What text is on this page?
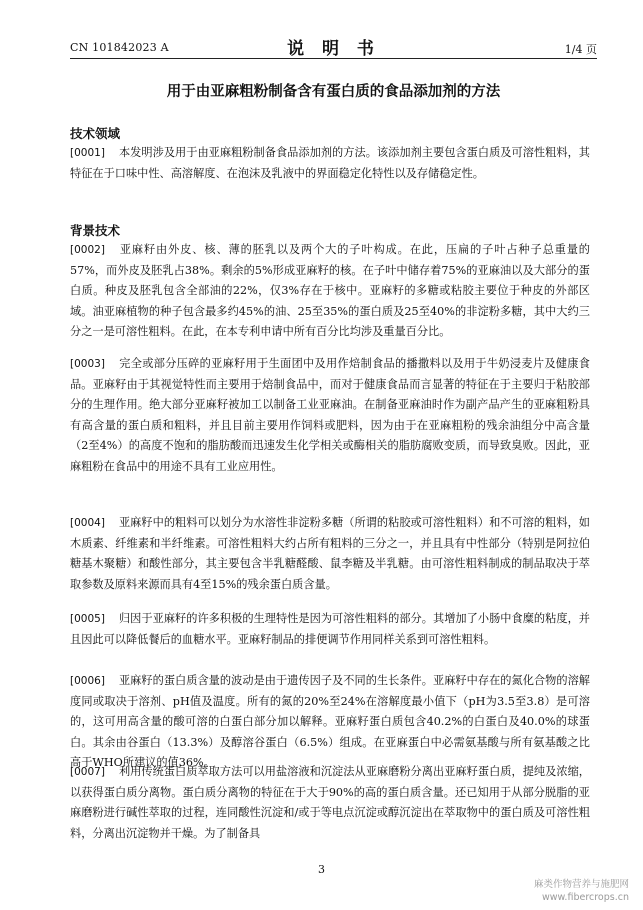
CN 101842023 A	说 明 书	1/4 页
用于由亚麻粗粉制备含有蛋白质的食品添加剂的方法
技术领域

[0001] 本发明涉及用于由亚麻粗粉制备食品添加剂的方法。该添加剂主要包含蛋白质及可溶性粗料，其特征在于口味中性、高溶解度、在泡沫及乳液中的界面稳定化特性以及存储稳定性。

背景技术

[0002] 亚麻籽由外皮、核、薄的胚乳以及两个大的子叶构成。在此，压扁的子叶占种子总重量的57%，而外皮及胚乳占38%。剩余的5%形成亚麻籽的核。在子叶中储存着75%的亚麻油以及大部分的蛋白质。种皮及胚乳包含全部油的22%，仅3%存在于核中。亚麻籽的多糖或粘胶主要位于种皮的外部区域。油亚麻植物的种子包含最多约45%的油、25至35%的蛋白质及25至40%的非淀粉多糖，其中大约三分之一是可溶性粗料。在此，在本专利申请中所有百分比均涉及重量百分比。

[0003] 完全或部分压碎的亚麻籽用于生面团中及用作焙制食品的播撒料以及用于牛奶浸麦片及健康食品。亚麻籽由于其视觉特性而主要用于焙制食品中，而对于健康食品而言显著的特征在于主要归于粘胶部分的生理作用。绝大部分亚麻籽被加工以制备工业亚麻油。在制备亚麻油时作为副产品产生的亚麻粗粉具有高含量的蛋白质和粗料，并且目前主要用作饲料或肥料，因为由于在亚麻粗粉的残余油组分中高含量（2至4%）的高度不饱和的脂肪酸而迅速发生化学相关或酶相关的脂肪腐败变质，而导致臭败。因此，亚麻粗粉在食品中的用途不具有工业应用性。

[0004] 亚麻籽中的粗料可以划分为水溶性非淀粉多糖（所谓的粘胶或可溶性粗料）和不可溶的粗料，如木质素、纤维素和半纤维素。可溶性粗料大约占所有粗料的三分之一，并且具有中性部分（特别是阿拉伯糖基木聚糖）和酸性部分，其主要包含半乳糖醛酸、鼠李糖及半乳糖。由可溶性粗料制成的制品取决于萃取参数及原料来源而具有4至15%的残余蛋白质含量。

[0005] 归因于亚麻籽的许多积极的生理特性是因为可溶性粗料的部分。其增加了小肠中食糜的粘度，并且因此可以降低餐后的血糖水平。亚麻籽制品的排便调节作用同样关系到可溶性粗料。

[0006] 亚麻籽的蛋白质含量的波动是由于遗传因子及不同的生长条件。亚麻籽中存在的氮化合物的溶解度同或取决于溶剂、pH值及温度。所有的氮的20%至24%在溶解度最小值下（pH为3.5至3.8）是可溶的，这可用高含量的酸可溶的白蛋白部分加以解释。亚麻籽蛋白质包含40.2%的白蛋白及40.0%的球蛋白。其余由谷蛋白（13.3%）及醇溶谷蛋白（6.5%）组成。在亚麻蛋白中必需氨基酸与所有氨基酸之比高于WHO所建议的值36%。

[0007] 利用传统蛋白质萃取方法可以用盐溶液和沉淀法从亚麻磨粉分离出亚麻籽蛋白质，提纯及浓缩，以获得蛋白质分离物。蛋白质分离物的特征在于大于90%的高的蛋白质含量。还已知用于从部分脱脂的亚麻磨粉进行碱性萃取的过程，连同酸性沉淀和/或于等电点沉淀或醇沉淀出在萃取物中的蛋白质及可溶性粗料，分离出沉淀物并干燥。为了制备具

3
麻类作物营养与施肥网
www.fibercrops.cn
